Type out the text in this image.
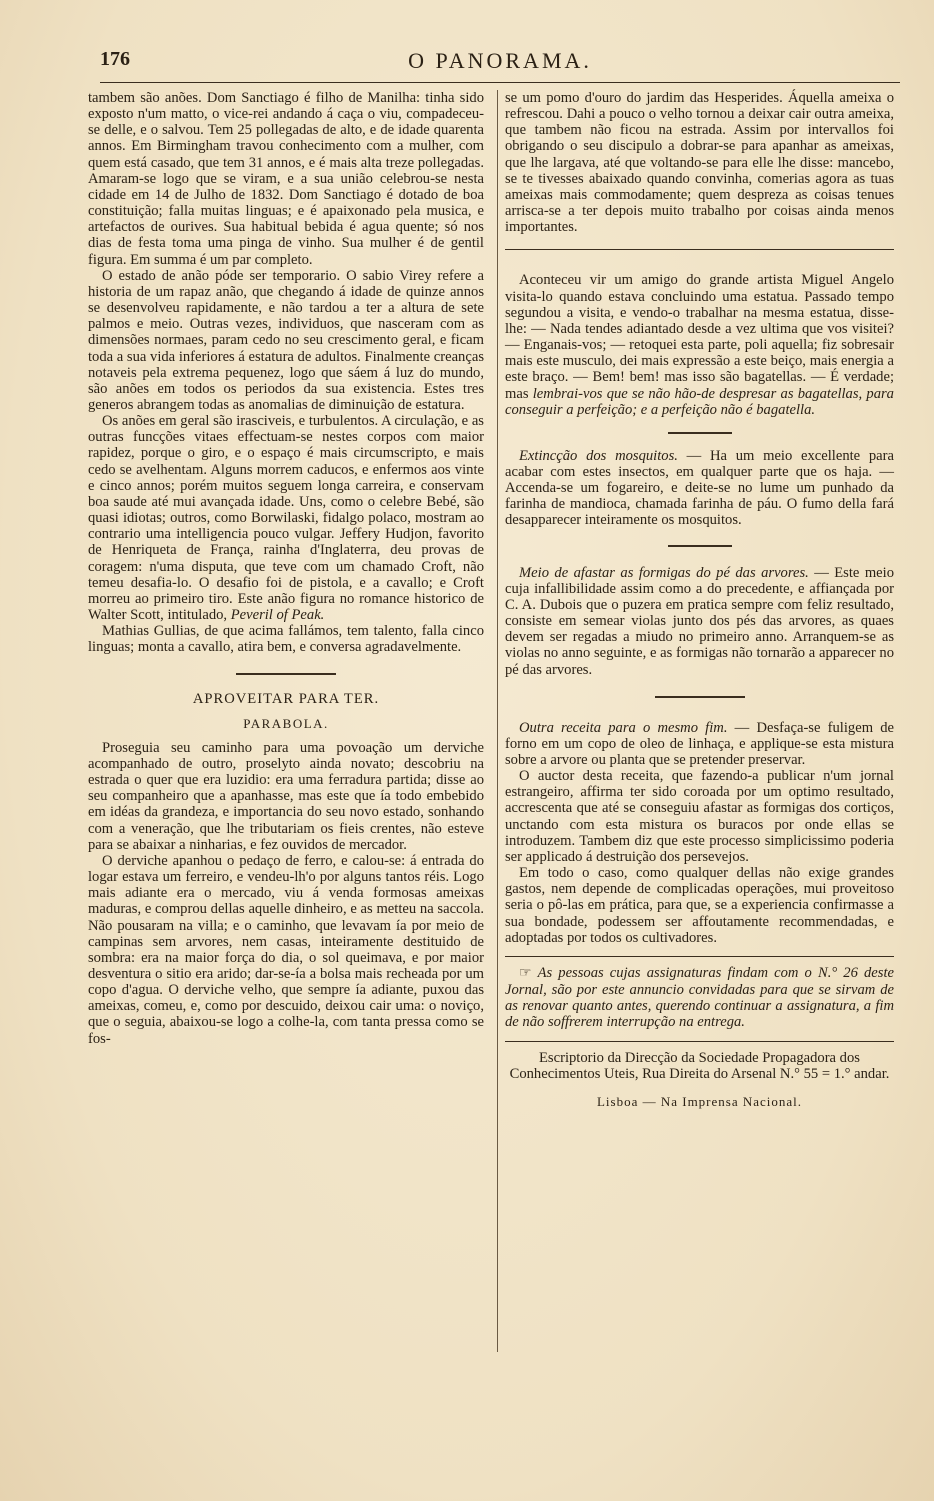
176	O PANORAMA.

tambem são anões. Dom Sanctiago é filho de Manilha: tinha sido exposto n'um matto, o vice-rei andando á caça o viu, compadeceu-se delle, e o salvou. Tem 25 pollegadas de alto, e de idade quarenta annos. Em Birmingham travou conhecimento com a mulher, com quem está casado, que tem 31 annos, e é mais alta treze pollegadas. Amaram-se logo que se viram, e a sua união celebrou-se nesta cidade em 14 de Julho de 1832. Dom Sanctiago é dotado de boa constituição; falla muitas linguas; e é apaixonado pela musica, e artefactos de ourives. Sua habitual bebida é agua quente; só nos dias de festa toma uma pinga de vinho. Sua mulher é de gentil figura. Em summa é um par completo.

O estado de anão póde ser temporario. O sabio Virey refere a historia de um rapaz anão, que chegando á idade de quinze annos se desenvolveu rapidamente, e não tardou a ter a altura de sete palmos e meio. Outras vezes, individuos, que nasceram com as dimensões normaes, param cedo no seu crescimento geral, e ficam toda a sua vida inferiores á estatura de adultos. Finalmente creanças notaveis pela extrema pequenez, logo que sáem á luz do mundo, são anões em todos os periodos da sua existencia. Estes tres generos abrangem todas as anomalias de diminuição de estatura.

Os anões em geral são irasciveis, e turbulentos. A circulação, e as outras funcções vitaes effectuam-se nestes corpos com maior rapidez, porque o giro, e o espaço é mais circumscripto, e mais cedo se avelhentam. Alguns morrem caducos, e enfermos aos vinte e cinco annos; porém muitos seguem longa carreira, e conservam boa saude até mui avançada idade. Uns, como o celebre Bebé, são quasi idiotas; outros, como Borwilaski, fidalgo polaco, mostram ao contrario uma intelligencia pouco vulgar. Jeffery Hudjon, favorito de Henriqueta de França, rainha d'Inglaterra, deu provas de coragem: n'uma disputa, que teve com um chamado Croft, não temeu desafia-lo. O desafio foi de pistola, e a cavallo; e Croft morreu ao primeiro tiro. Este anão figura no romance historico de Walter Scott, intitulado, Peveril of Peak.

Mathias Gullias, de que acima fallámos, tem talento, falla cinco linguas; monta a cavallo, atira bem, e conversa agradavelmente.

APROVEITAR PARA TER.
PARABOLA.

Proseguia seu caminho para uma povoação um derviche acompanhado de outro, proselyto ainda novato; descobriu na estrada o quer que era luzidio: era uma ferradura partida; disse ao seu companheiro que a apanhasse, mas este que ía todo embebido em idéas da grandeza, e importancia do seu novo estado, sonhando com a veneração, que lhe tributariam os fieis crentes, não esteve para se abaixar a ninharias, e fez ouvidos de mercador.

O derviche apanhou o pedaço de ferro, e calou-se: á entrada do logar estava um ferreiro, e vendeu-lh'o por alguns tantos réis. Logo mais adiante era o mercado, viu á venda formosas ameixas maduras, e comprou dellas aquelle dinheiro, e as metteu na saccola. Não pousaram na villa; e o caminho, que levavam ía por meio de campinas sem arvores, nem casas, inteiramente destituido de sombra: era na maior força do dia, o sol queimava, e por maior desventura o sitio era arido; dar-se-ía a bolsa mais recheada por um copo d'agua. O derviche velho, que sempre ía adiante, puxou das ameixas, comeu, e, como por descuido, deixou cair uma: o noviço, que o seguia, abaixou-se logo a colhe-la, com tanta pressa como se fos-

se um pomo d'ouro do jardim das Hesperides. Áquella ameixa o refrescou. Dahi a pouco o velho tornou a deixar cair outra ameixa, que tambem não ficou na estrada. Assim por intervallos foi obrigando o seu discipulo a dobrar-se para apanhar as ameixas, que lhe largava, até que voltando-se para elle lhe disse: mancebo, se te tivesses abaixado quando convinha, comerias agora as tuas ameixas mais commodamente; quem despreza as coisas tenues arrisca-se a ter depois muito trabalho por coisas ainda menos importantes.

Aconteceu vir um amigo do grande artista Miguel Angelo visita-lo quando estava concluindo uma estatua. Passado tempo segundou a visita, e vendo-o trabalhar na mesma estatua, disse-lhe: — Nada tendes adiantado desde a vez ultima que vos visitei? — Enganais-vos; — retoquei esta parte, poli aquella; fiz sobresair mais este musculo, dei mais expressão a este beiço, mais energia a este braço. — Bem! bem! mas isso são bagatellas. — É verdade; mas lembrai-vos que se não hão-de despresar as bagatellas, para conseguir a perfeição; e a perfeição não é bagatella.

Extincção dos mosquitos. — Ha um meio excellente para acabar com estes insectos, em qualquer parte que os haja. — Accenda-se um fogareiro, e deite-se no lume um punhado da farinha de mandioca, chamada farinha de páu. O fumo della fará desapparecer inteiramente os mosquitos.

Meio de afastar as formigas do pé das arvores. — Este meio cuja infallibilidade assim como a do precedente, e affiançada por C. A. Dubois que o puzera em pratica sempre com feliz resultado, consiste em semear violas junto dos pés das arvores, as quaes devem ser regadas a miudo no primeiro anno. Arranquem-se as violas no anno seguinte, e as formigas não tornarão a apparecer no pé das arvores.

Outra receita para o mesmo fim. — Desfaça-se fuligem de forno em um copo de oleo de linhaça, e applique-se esta mistura sobre a arvore ou planta que se pretender preservar.

O auctor desta receita, que fazendo-a publicar n'um jornal estrangeiro, affirma ter sido coroada por um optimo resultado, accrescenta que até se conseguiu afastar as formigas dos cortiços, unctando com esta mistura os buracos por onde ellas se introduzem. Tambem diz que este processo simplicissimo poderia ser applicado á destruição dos persevejos.

Em todo o caso, como qualquer dellas não exige grandes gastos, nem depende de complicadas operações, mui proveitoso seria o pô-las em prática, para que, se a experiencia confirmasse a sua bondade, podessem ser affoutamente recommendadas, e adoptadas por todos os cultivadores.

☞ As pessoas cujas assignaturas findam com o N.° 26 deste Jornal, são por este annuncio convidadas para que se sirvam de as renovar quanto antes, querendo continuar a assignatura, a fim de não soffrerem interrupção na entrega.

Escriptorio da Direcção da Sociedade Propagadora dos Conhecimentos Uteis, Rua Direita do Arsenal N.° 55 = 1.° andar.

Lisboa — Na Imprensa Nacional.
